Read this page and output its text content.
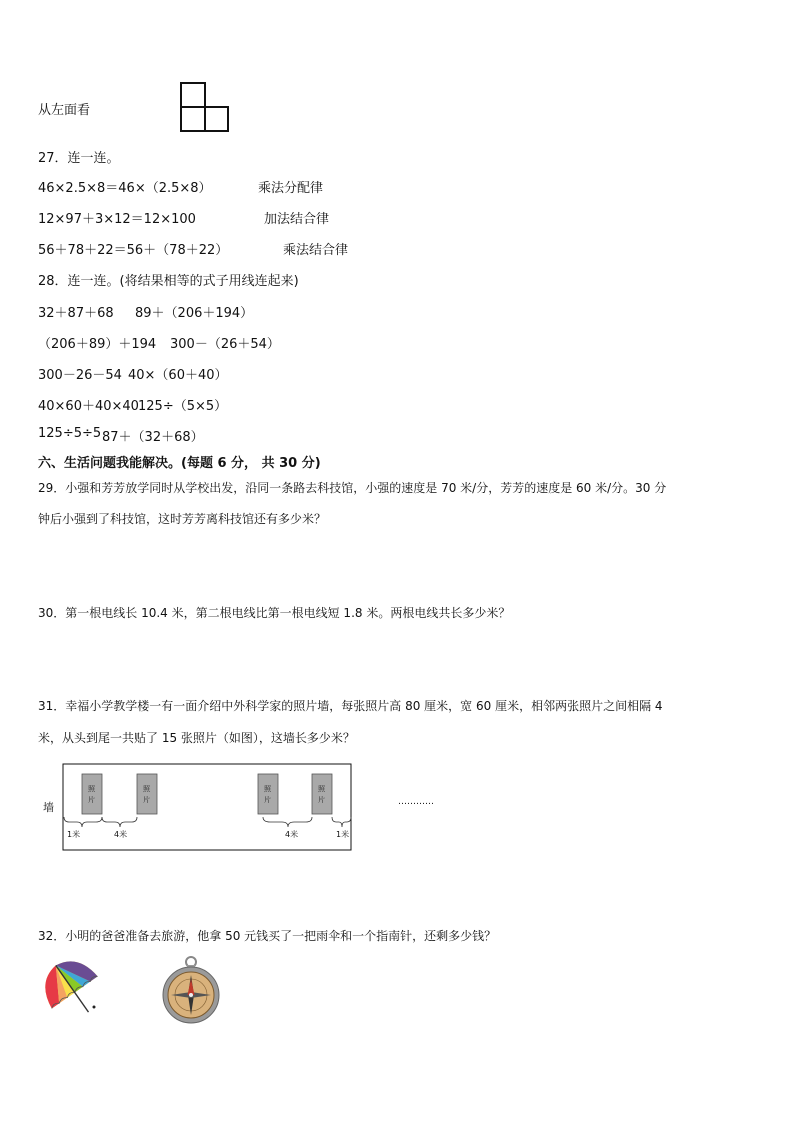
从左面看
27．连一连。
46×2.5×8＝46×（2.5×8）	乘法分配律
12×97＋3×12＝12×100	加法结合律
56＋78＋22＝56＋（78＋22）	乘法结合律
28．连一连。(将结果相等的式子用线连起来)
32＋87＋68 89＋（206＋194）
（206＋89）＋194 300－（26＋54）
300－26－54 40×（60＋40）
40×60＋40×40 125÷（5×5）
125÷5÷5 87＋（32＋68）
六、生活问题我能解决。(每题 6 分， 共 30 分)
29．小强和芳芳放学同时从学校出发，沿同一条路去科技馆，小强的速度是 70 米/分，芳芳的速度是 60 米/分。30 分
钟后小强到了科技馆，这时芳芳离科技馆还有多少米？
30．第一根电线长 10.4 米，第二根电线比第一根电线短 1.8 米。两根电线共长多少米？
31．幸福小学教学楼一有一面介绍中外科学家的照片墙，每张照片高 80 厘米，宽 60 厘米，相邻两张照片之间相隔 4
米，从头到尾一共贴了 15 张照片（如图），这墙长多少米？
墙
照
片
照
片
照
片
照
片
1米	4米	4米	1米
…………
32．小明的爸爸准备去旅游，他拿 50 元钱买了一把雨伞和一个指南针，还剩多少钱？
